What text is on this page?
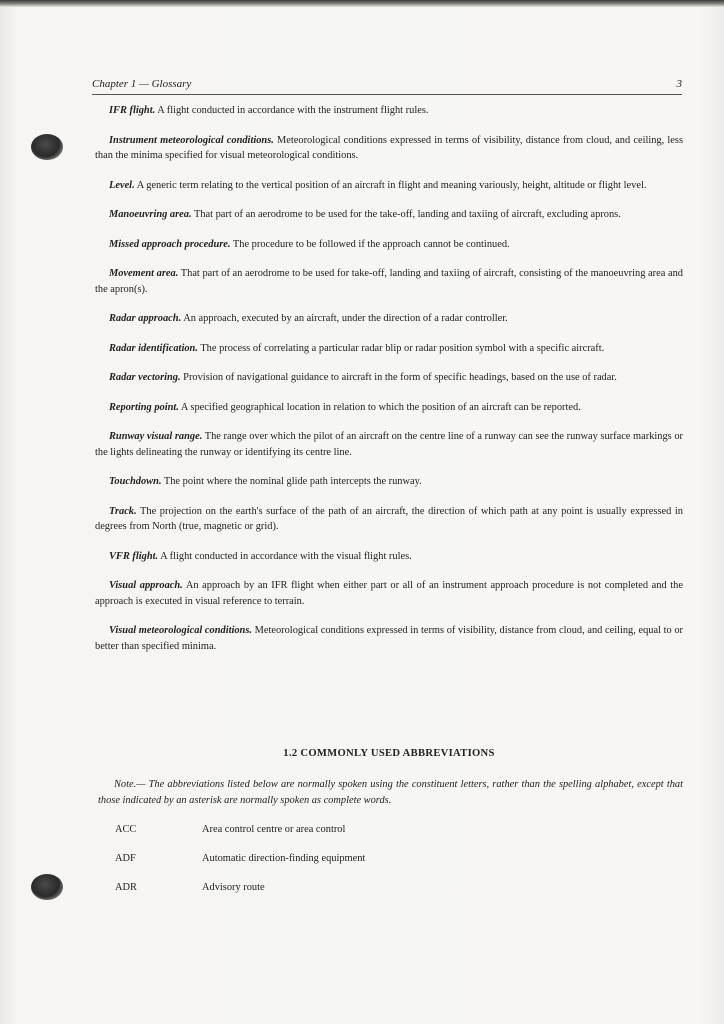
Chapter 1 — Glossary	3

IFR flight. A flight conducted in accordance with the instrument flight rules.

Instrument meteorological conditions. Meteorological conditions expressed in terms of visibility, distance from cloud, and ceiling, less than the minima specified for visual meteorological conditions.

Level. A generic term relating to the vertical position of an aircraft in flight and meaning variously, height, altitude or flight level.

Manoeuvring area. That part of an aerodrome to be used for the take-off, landing and taxiing of aircraft, excluding aprons.

Missed approach procedure. The procedure to be followed if the approach cannot be continued.

Movement area. That part of an aerodrome to be used for take-off, landing and taxiing of aircraft, consisting of the manoeuvring area and the apron(s).

Radar approach. An approach, executed by an aircraft, under the direction of a radar controller.

Radar identification. The process of correlating a particular radar blip or radar position symbol with a specific aircraft.

Radar vectoring. Provision of navigational guidance to aircraft in the form of specific headings, based on the use of radar.

Reporting point. A specified geographical location in relation to which the position of an aircraft can be reported.

Runway visual range. The range over which the pilot of an aircraft on the centre line of a runway can see the runway surface markings or the lights delineating the runway or identifying its centre line.

Touchdown. The point where the nominal glide path intercepts the runway.

Track. The projection on the earth's surface of the path of an aircraft, the direction of which path at any point is usually expressed in degrees from North (true, magnetic or grid).

VFR flight. A flight conducted in accordance with the visual flight rules.

Visual approach. An approach by an IFR flight when either part or all of an instrument approach procedure is not completed and the approach is executed in visual reference to terrain.

Visual meteorological conditions. Meteorological conditions expressed in terms of visibility, distance from cloud, and ceiling, equal to or better than specified minima.

1.2 COMMONLY USED ABBREVIATIONS

Note.— The abbreviations listed below are normally spoken using the constituent letters, rather than the spelling alphabet, except that those indicated by an asterisk are normally spoken as complete words.

ACC	Area control centre or area control
ADF	Automatic direction-finding equipment
ADR	Advisory route
